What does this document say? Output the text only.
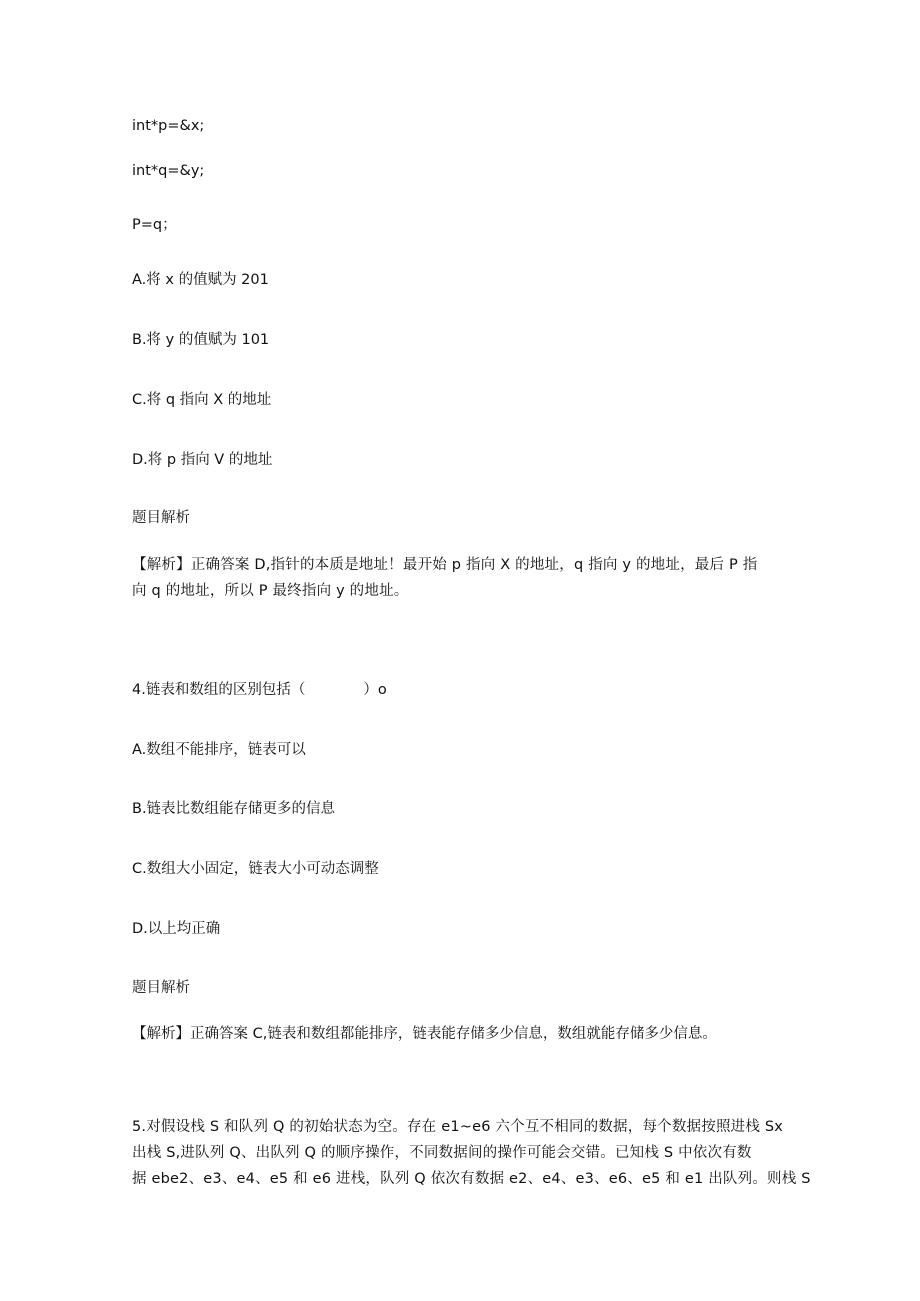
int*p=&x;
int*q=&y;
P=q；
A.将 x 的值赋为 201
B.将 y 的值赋为 101
C.将 q 指向 X 的地址
D.将 p 指向 V 的地址
题目解析
【解析】正确答案 D,指针的本质是地址！最开始 p 指向 X 的地址，q 指向 y 的地址，最后 P 指
向 q 的地址，所以 P 最终指向 y 的地址。
4.链表和数组的区别包括（　　　　）o
A.数组不能排序，链表可以
B.链表比数组能存储更多的信息
C.数组大小固定，链表大小可动态调整
D.以上均正确
题目解析
【解析】正确答案 C,链表和数组都能排序，链表能存储多少信息，数组就能存储多少信息。
5.对假设栈 S 和队列 Q 的初始状态为空。存在 e1~e6 六个互不相同的数据，每个数据按照进栈 Sx
出栈 S,进队列 Q、出队列 Q 的顺序操作，不同数据间的操作可能会交错。已知栈 S 中依次有数
据 ebe2、e3、e4、e5 和 e6 进栈，队列 Q 依次有数据 e2、e4、e3、e6、e5 和 e1 出队列。则栈 S
